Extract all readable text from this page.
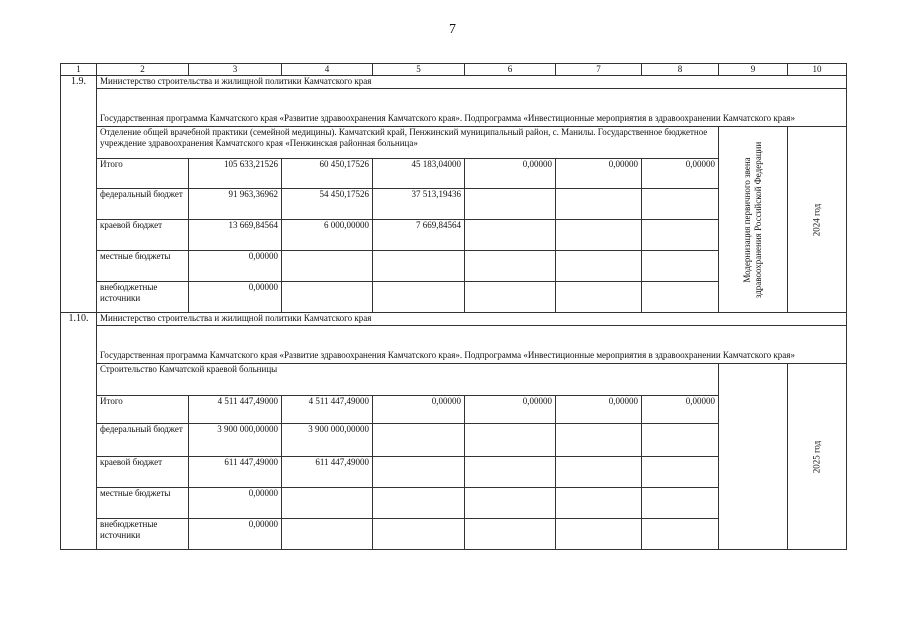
7
1	2	3	4	5	6	7	8	9	10
1.9.	Министерство строительства и жилищной политики Камчатского края								
	Государственная программа Камчатского края «Развитие здравоохранения Камчатского края». Подпрограмма «Инвестиционные мероприятия в здравоохранении Камчатского края»								
	Отделение общей врачебной практики (семейной медицины). Камчатский край, Пенжинский муниципальный район, с. Манилы. Государственное бюджетное учреждение здравоохранения Камчатского края «Пенжинская районная больница»							Модернизация первичного звена здравоохранения Российской Федерации	2024 год

	Итого	105 633,21526	60 450,17526	45 183,04000	0,00000	0,00000	0,00000		
	федеральный бюджет	91 963,36962	54 450,17526	37 513,19436					
	краевой бюджет	13 669,84564	6 000,00000	7 669,84564					
	местные бюджеты	0,00000							
	внебюджетные источники	0,00000							
1.10.	Министерство строительства и жилищной политики Камчатского края								
	Государственная программа Камчатского края «Развитие здравоохранения Камчатского края». Подпрограмма «Инвестиционные мероприятия в здравоохранении Камчатского края»								
	Строительство Камчатской краевой больницы								2025 год

	Итого	4 511 447,49000	4 511 447,49000	0,00000	0,00000	0,00000	0,00000		
	федеральный бюджет	3 900 000,00000	3 900 000,00000						
	краевой бюджет	611 447,49000	611 447,49000						
	местные бюджеты	0,00000							
	внебюджетные источники	0,00000							
